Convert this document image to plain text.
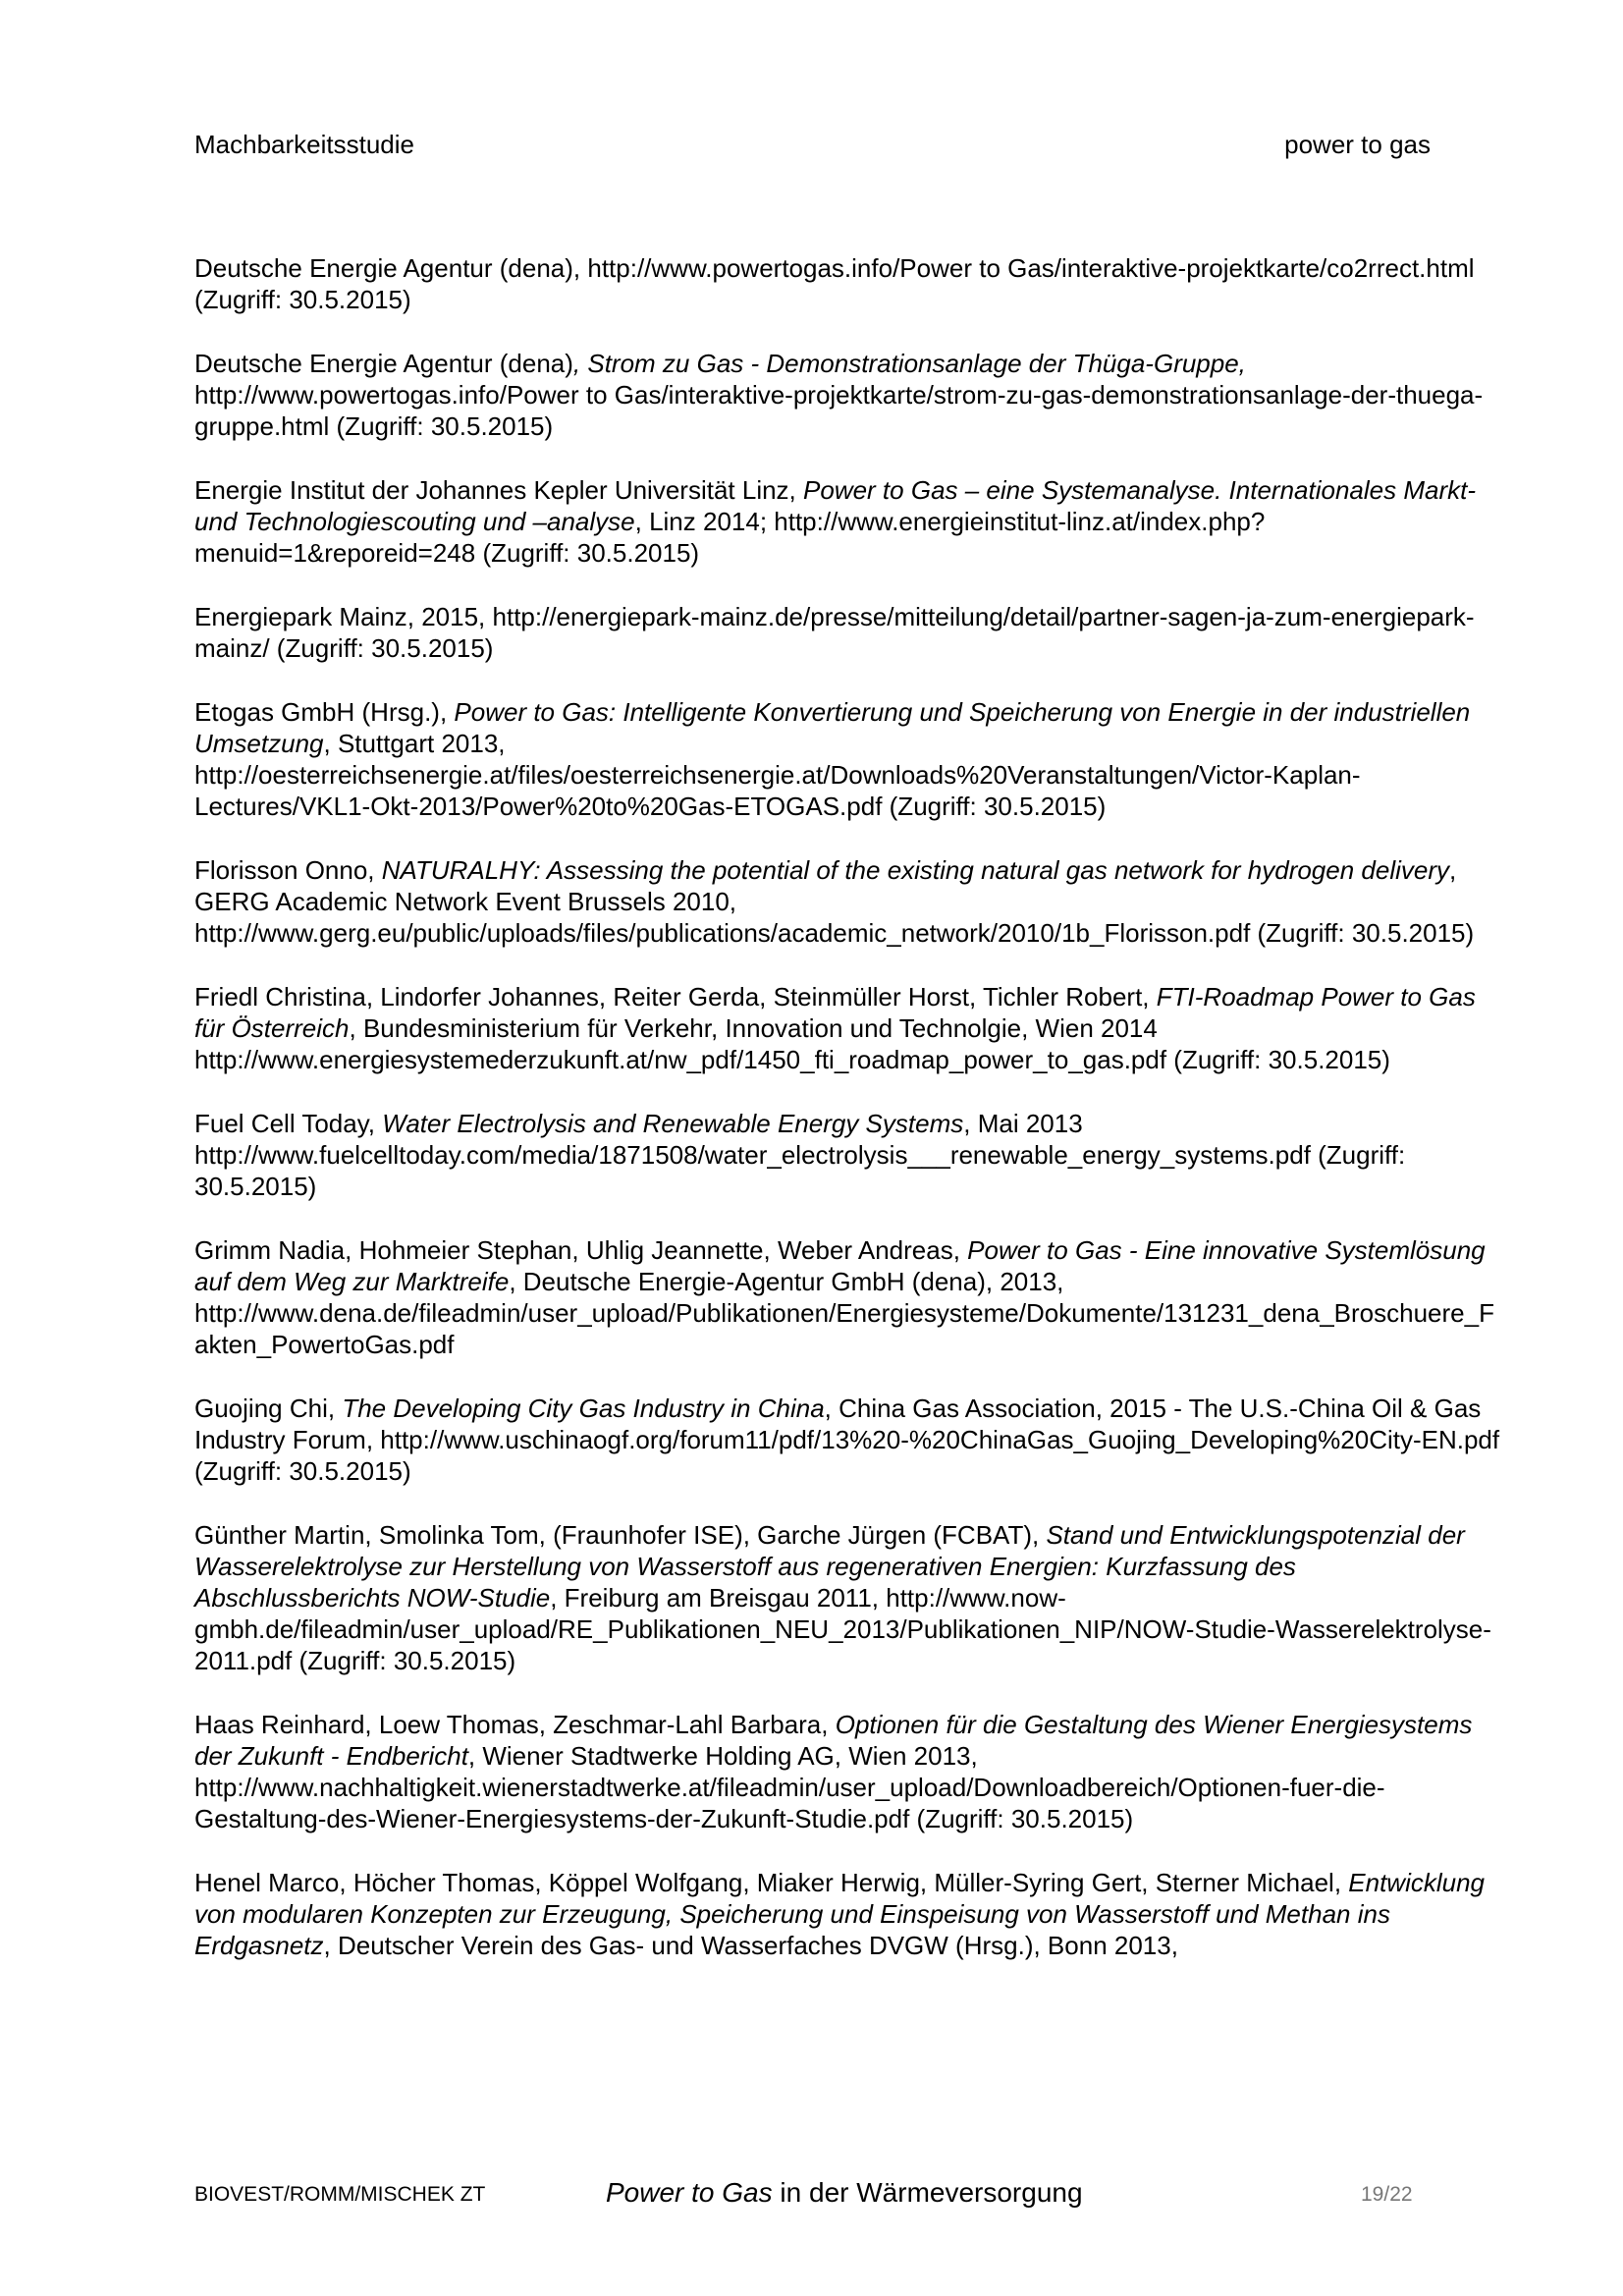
Machbarkeitsstudie	power to gas
Deutsche Energie Agentur (dena), http://www.powertogas.info/Power to Gas/interaktive-projektkarte/co2rrect.html (Zugriff: 30.5.2015)
Deutsche Energie Agentur (dena), Strom zu Gas - Demonstrationsanlage der Thüga-Gruppe, http://www.powertogas.info/Power to Gas/interaktive-projektkarte/strom-zu-gas-demonstrationsanlage-der-thuega-gruppe.html (Zugriff: 30.5.2015)
Energie Institut der Johannes Kepler Universität Linz, Power to Gas – eine Systemanalyse. Internationales Markt- und Technologiescouting und –analyse, Linz 2014; http://www.energieinstitut-linz.at/index.php?menuid=1&reporeid=248 (Zugriff: 30.5.2015)
Energiepark Mainz, 2015, http://energiepark-mainz.de/presse/mitteilung/detail/partner-sagen-ja-zum-energiepark-mainz/ (Zugriff: 30.5.2015)
Etogas GmbH (Hrsg.), Power to Gas: Intelligente Konvertierung und Speicherung von Energie in der industriellen Umsetzung, Stuttgart 2013, http://oesterreichsenergie.at/files/oesterreichsenergie.at/Downloads%20Veranstaltungen/Victor-Kaplan-Lectures/VKL1-Okt-2013/Power%20to%20Gas-ETOGAS.pdf (Zugriff: 30.5.2015)
Florisson Onno, NATURALHY: Assessing the potential of the existing natural gas network for hydrogen delivery, GERG Academic Network Event Brussels 2010, http://www.gerg.eu/public/uploads/files/publications/academic_network/2010/1b_Florisson.pdf (Zugriff: 30.5.2015)
Friedl Christina, Lindorfer Johannes, Reiter Gerda, Steinmüller Horst, Tichler Robert, FTI-Roadmap Power to Gas für Österreich, Bundesministerium für Verkehr, Innovation und Technolgie, Wien 2014 http://www.energiesystemederzukunft.at/nw_pdf/1450_fti_roadmap_power_to_gas.pdf (Zugriff: 30.5.2015)
Fuel Cell Today, Water Electrolysis and Renewable Energy Systems, Mai 2013 http://www.fuelcelltoday.com/media/1871508/water_electrolysis___renewable_energy_systems.pdf (Zugriff: 30.5.2015)
Grimm Nadia, Hohmeier Stephan, Uhlig Jeannette, Weber Andreas, Power to Gas - Eine innovative Systemlösung auf dem Weg zur Marktreife, Deutsche Energie-Agentur GmbH (dena), 2013, http://www.dena.de/fileadmin/user_upload/Publikationen/Energiesysteme/Dokumente/131231_dena_Broschuere_Fakten_PowertoGas.pdf
Guojing Chi, The Developing City Gas Industry in China, China Gas Association, 2015 - The U.S.-China Oil & Gas Industry Forum, http://www.uschinaogf.org/forum11/pdf/13%20-%20ChinaGas_Guojing_Developing%20City-EN.pdf (Zugriff: 30.5.2015)
Günther Martin, Smolinka Tom, (Fraunhofer ISE), Garche Jürgen (FCBAT), Stand und Entwicklungspotenzial der Wasserelektrolyse zur Herstellung von Wasserstoff aus regenerativen Energien: Kurzfassung des Abschlussberichts NOW-Studie, Freiburg am Breisgau 2011, http://www.now-gmbh.de/fileadmin/user_upload/RE_Publikationen_NEU_2013/Publikationen_NIP/NOW-Studie-Wasserelektrolyse-2011.pdf (Zugriff: 30.5.2015)
Haas Reinhard, Loew Thomas, Zeschmar-Lahl Barbara, Optionen für die Gestaltung des Wiener Energiesystems der Zukunft - Endbericht, Wiener Stadtwerke Holding AG, Wien 2013, http://www.nachhaltigkeit.wienerstadtwerke.at/fileadmin/user_upload/Downloadbereich/Optionen-fuer-die-Gestaltung-des-Wiener-Energiesystems-der-Zukunft-Studie.pdf (Zugriff: 30.5.2015)
Henel Marco, Höcher Thomas, Köppel Wolfgang, Miaker Herwig, Müller-Syring Gert, Sterner Michael, Entwicklung von modularen Konzepten zur Erzeugung, Speicherung und Einspeisung von Wasserstoff und Methan ins Erdgasnetz, Deutscher Verein des Gas- und Wasserfaches DVGW (Hrsg.), Bonn 2013,
BIOVEST/ROMM/MISCHEK ZT	Power to Gas in der Wärmeversorgung	19/22
